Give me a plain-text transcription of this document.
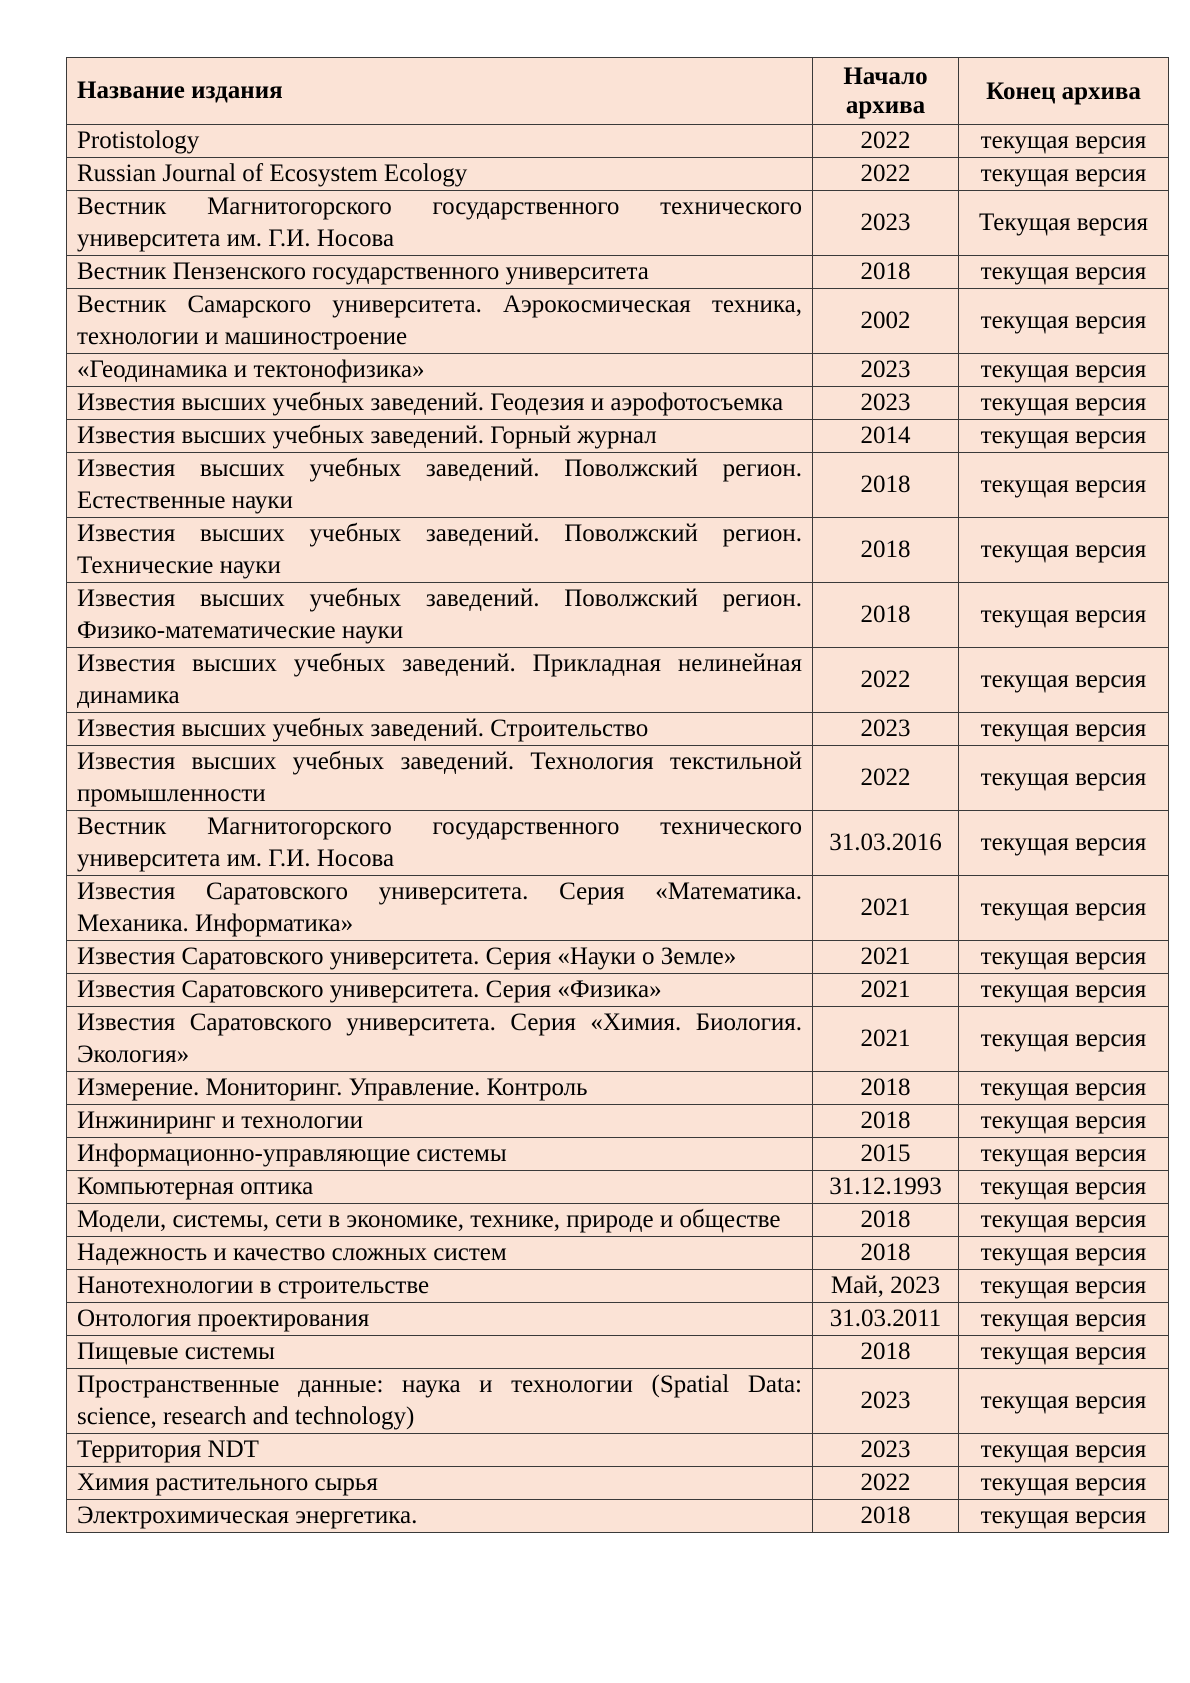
Название издания	Начало архива	Конец архива
Protistology	2022	текущая версия
Russian Journal of Ecosystem Ecology	2022	текущая версия
Вестник Магнитогорского государственного технического университета им. Г.И. Носова	2023	Текущая версия
Вестник Пензенского государственного университета	2018	текущая версия
Вестник Самарского университета. Аэрокосмическая техника, технологии и машиностроение	2002	текущая версия
«Геодинамика и тектонофизика»	2023	текущая версия
Известия высших учебных заведений. Геодезия и аэрофотосъемка	2023	текущая версия
Известия высших учебных заведений. Горный журнал	2014	текущая версия
Известия высших учебных заведений. Поволжский регион. Естественные науки	2018	текущая версия
Известия высших учебных заведений. Поволжский регион. Технические науки	2018	текущая версия
Известия высших учебных заведений. Поволжский регион. Физико-математические науки	2018	текущая версия
Известия высших учебных заведений. Прикладная нелинейная динамика	2022	текущая версия
Известия высших учебных заведений. Строительство	2023	текущая версия
Известия высших учебных заведений. Технология текстильной промышленности	2022	текущая версия
Вестник Магнитогорского государственного технического университета им. Г.И. Носова	31.03.2016	текущая версия
Известия Саратовского университета. Серия «Математика. Механика. Информатика»	2021	текущая версия
Известия Саратовского университета. Серия «Науки о Земле»	2021	текущая версия
Известия Саратовского университета. Серия «Физика»	2021	текущая версия
Известия Саратовского университета. Серия «Химия. Биология. Экология»	2021	текущая версия
Измерение. Мониторинг. Управление. Контроль	2018	текущая версия
Инжиниринг и технологии	2018	текущая версия
Информационно-управляющие системы	2015	текущая версия
Компьютерная оптика	31.12.1993	текущая версия
Модели, системы, сети в экономике, технике, природе и обществе	2018	текущая версия
Надежность и качество сложных систем	2018	текущая версия
Нанотехнологии в строительстве	Май, 2023	текущая версия
Онтология проектирования	31.03.2011	текущая версия
Пищевые системы	2018	текущая версия
Пространственные данные: наука и технологии (Spatial Data: science, research and technology)	2023	текущая версия
Территория NDT	2023	текущая версия
Химия растительного сырья	2022	текущая версия
Электрохимическая энергетика.	2018	текущая версия
